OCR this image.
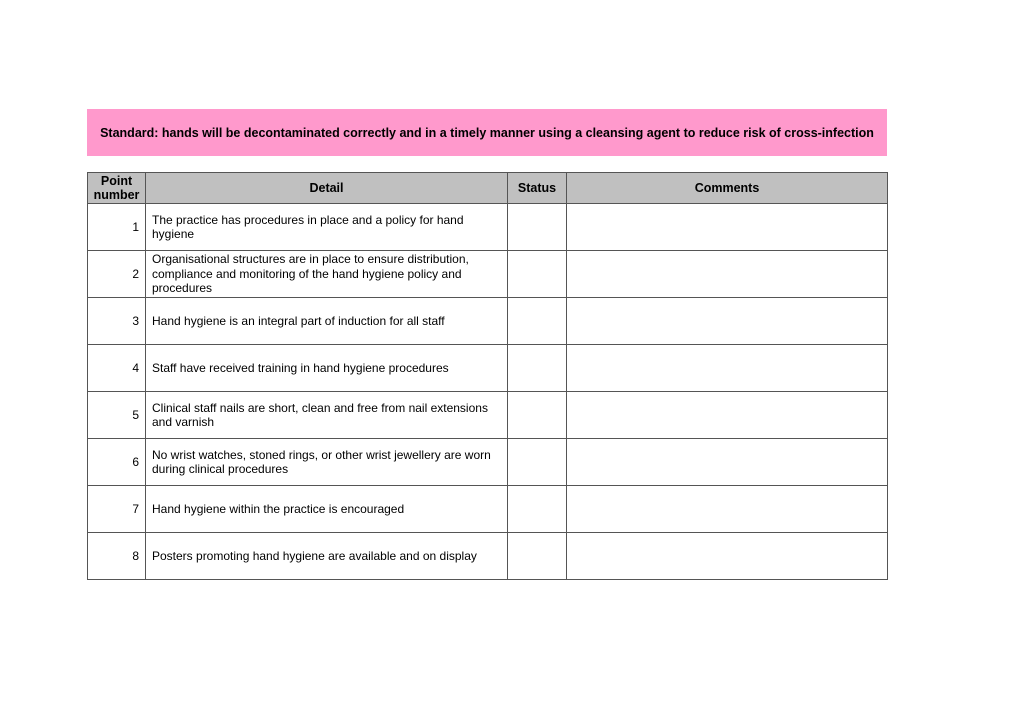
Standard: hands will be decontaminated correctly and in a timely manner using a cleansing agent to reduce risk of cross-infection
Point number	Detail	Status	Comments
1	The practice has procedures in place and a policy for hand hygiene		
2	Organisational structures are in place to ensure distribution, compliance and monitoring of the hand hygiene policy and procedures		
3	Hand hygiene is an integral part of induction for all staff		
4	Staff have received training in hand hygiene procedures		
5	Clinical staff nails are short, clean and free from nail extensions and varnish		
6	No wrist watches, stoned rings, or other wrist jewellery are worn during clinical procedures		
7	Hand hygiene within the practice is encouraged		
8	Posters promoting hand hygiene are available and on display		
